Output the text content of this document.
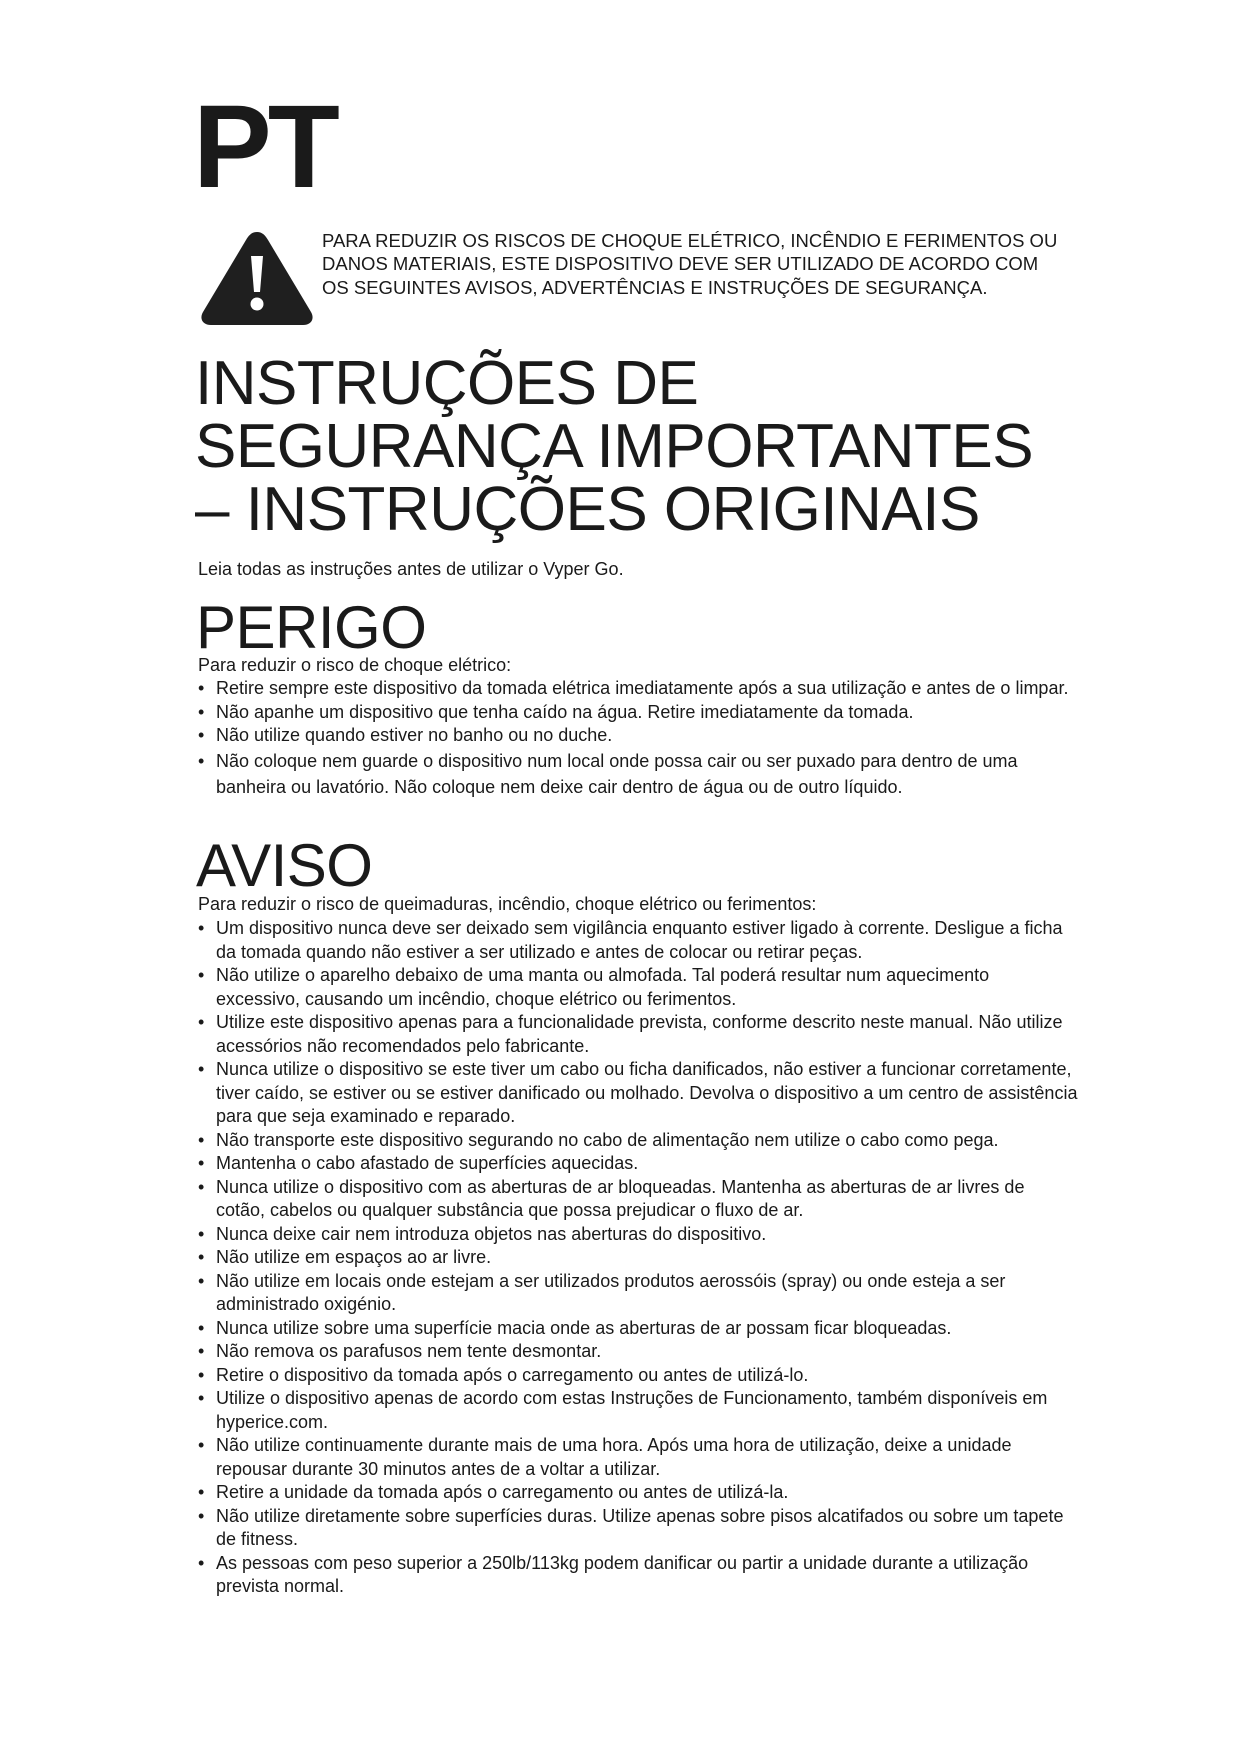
PT

PARA REDUZIR OS RISCOS DE CHOQUE ELÉTRICO, INCÊNDIO E FERIMENTOS OU DANOS MATERIAIS, ESTE DISPOSITIVO DEVE SER UTILIZADO DE ACORDO COM OS SEGUINTES AVISOS, ADVERTÊNCIAS E INSTRUÇÕES DE SEGURANÇA.

INSTRUÇÕES DE
SEGURANÇA IMPORTANTES
– INSTRUÇÕES ORIGINAIS

Leia todas as instruções antes de utilizar o Vyper Go.

PERIGO

Para reduzir o risco de choque elétrico:

• Retire sempre este dispositivo da tomada elétrica imediatamente após a sua utilização e antes de o limpar.
• Não apanhe um dispositivo que tenha caído na água. Retire imediatamente da tomada.
• Não utilize quando estiver no banho ou no duche.
• Não coloque nem guarde o dispositivo num local onde possa cair ou ser puxado para dentro de uma banheira ou lavatório. Não coloque nem deixe cair dentro de água ou de outro líquido.
AVISO

Para reduzir o risco de queimaduras, incêndio, choque elétrico ou ferimentos:

• Um dispositivo nunca deve ser deixado sem vigilância enquanto estiver ligado à corrente. Desligue a ficha da tomada quando não estiver a ser utilizado e antes de colocar ou retirar peças.
• Não utilize o aparelho debaixo de uma manta ou almofada. Tal poderá resultar num aquecimento excessivo, causando um incêndio, choque elétrico ou ferimentos.
• Utilize este dispositivo apenas para a funcionalidade prevista, conforme descrito neste manual. Não utilize acessórios não recomendados pelo fabricante.
• Nunca utilize o dispositivo se este tiver um cabo ou ficha danificados, não estiver a funcionar corretamente, tiver caído, se estiver ou se estiver danificado ou molhado. Devolva o dispositivo a um centro de assistência para que seja examinado e reparado.
• Não transporte este dispositivo segurando no cabo de alimentação nem utilize o cabo como pega.
• Mantenha o cabo afastado de superfícies aquecidas.
• Nunca utilize o dispositivo com as aberturas de ar bloqueadas. Mantenha as aberturas de ar livres de cotão, cabelos ou qualquer substância que possa prejudicar o fluxo de ar.
• Nunca deixe cair nem introduza objetos nas aberturas do dispositivo.
• Não utilize em espaços ao ar livre.
• Não utilize em locais onde estejam a ser utilizados produtos aerossóis (spray) ou onde esteja a ser administrado oxigénio.
• Nunca utilize sobre uma superfície macia onde as aberturas de ar possam ficar bloqueadas.
• Não remova os parafusos nem tente desmontar.
• Retire o dispositivo da tomada após o carregamento ou antes de utilizá-lo.
• Utilize o dispositivo apenas de acordo com estas Instruções de Funcionamento, também disponíveis em hyperice.com.
• Não utilize continuamente durante mais de uma hora. Após uma hora de utilização, deixe a unidade repousar durante 30 minutos antes de a voltar a utilizar.
• Retire a unidade da tomada após o carregamento ou antes de utilizá-la.
• Não utilize diretamente sobre superfícies duras. Utilize apenas sobre pisos alcatifados ou sobre um tapete de fitness.
• As pessoas com peso superior a 250lb/113kg podem danificar ou partir a unidade durante a utilização prevista normal.
